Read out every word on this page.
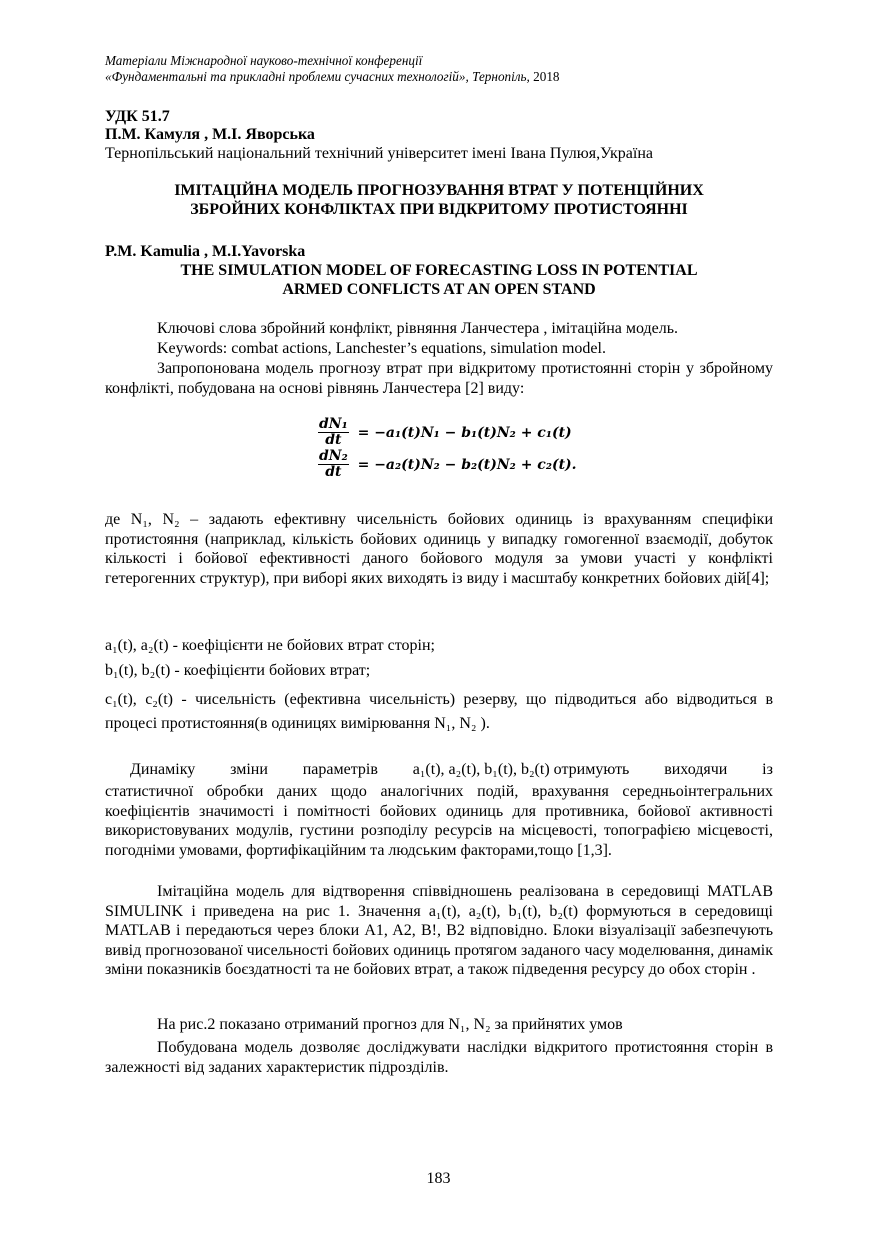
Матеріали Міжнародної науково-технічної конференції
«Фундаментальні та прикладні проблеми сучасних технологій», Тернопіль, 2018
УДК 51.7
П.М. Камуля , М.І. Яворська
Тернопільський національний технічний університет імені Івана Пулюя,Україна
ІМІТАЦІЙНА МОДЕЛЬ ПРОГНОЗУВАННЯ ВТРАТ У ПОТЕНЦІЙНИХ
ЗБРОЙНИХ КОНФЛІКТАХ ПРИ ВІДКРИТОМУ ПРОТИСТОЯННІ
P.M. Kamulia , M.I.Yavorska
THE SIMULATION MODEL OF FORECASTING LOSS IN POTENTIAL
ARMED CONFLICTS AT AN OPEN STAND
Ключові слова збройний конфлікт, рівняння Ланчестера , імітаційна модель.
Keywords: combat actions, Lanchester’s equations, simulation model.
Запропонована модель прогнозу втрат при відкритому протистоянні сторін у збройному конфлікті, побудована на основі рівнянь Ланчестера [2] виду:
$\frac{\text{dN₁}}{dt} = -a_1(t)N_1 - b_1(t)N_2 + c_1(t)$
$\frac{\text{dN₂}}{dt} = -a_2(t)N_2 - b_2(t)N_2 + c_2(t)$.
де N₁, N₂ – задають ефективну чисельність бойових одиниць із врахуванням специфіки протистояння (наприклад, кількість бойових одиниць у випадку гомогенної взаємодії, добуток кількості і бойової ефективності даного бойового модуля за умови участі у конфлікті гетерогенних структур), при виборі яких виходять із виду і масштабу конкретних бойових дій[4];
a₁(t), a₂(t) - коефіцієнти не бойових втрат сторін;
b₁(t), b₂(t) - коефіцієнти бойових втрат;
c₁(t), c₂(t) - чисельність (ефективна чисельність) резерву, що підводиться або відводиться в процесі протистояння(в одиницях вимірювання N₁, N₂ ).
Динаміку зміни параметрів a₁(t), a₂(t), b₁(t), b₂(t) отримують виходячи із
статистичної обробки даних щодо аналогічних подій, врахування середньоінтегральних коефіцієнтів значимості і помітності бойових одиниць для противника, бойової активності використовуваних модулів, густини розподілу ресурсів на місцевості, топографією місцевості, погодніми умовами, фортифікаційним та людським факторами,тощо [1,3].
Імітаційна модель для відтворення співвідношень реалізована в середовищі MATLAB SIMULINK і приведена на рис 1. Значення a₁(t), a₂(t), b₁(t), b₂(t) формуються в середовищі MATLAB і передаються через блоки A1, A2, B!, B2 відповідно. Блоки візуалізації забезпечують вивід прогнозованої чисельності бойових одиниць протягом заданого часу моделювання, динамік зміни показників боєздатності та не бойових втрат, а також підведення ресурсу до обох сторін .
На рис.2 показано отриманий прогноз для N₁, N₂ за прийнятих умов
Побудована модель дозволяє досліджувати наслідки відкритого протистояння сторін в залежності від заданих характеристик підрозділів.
183
